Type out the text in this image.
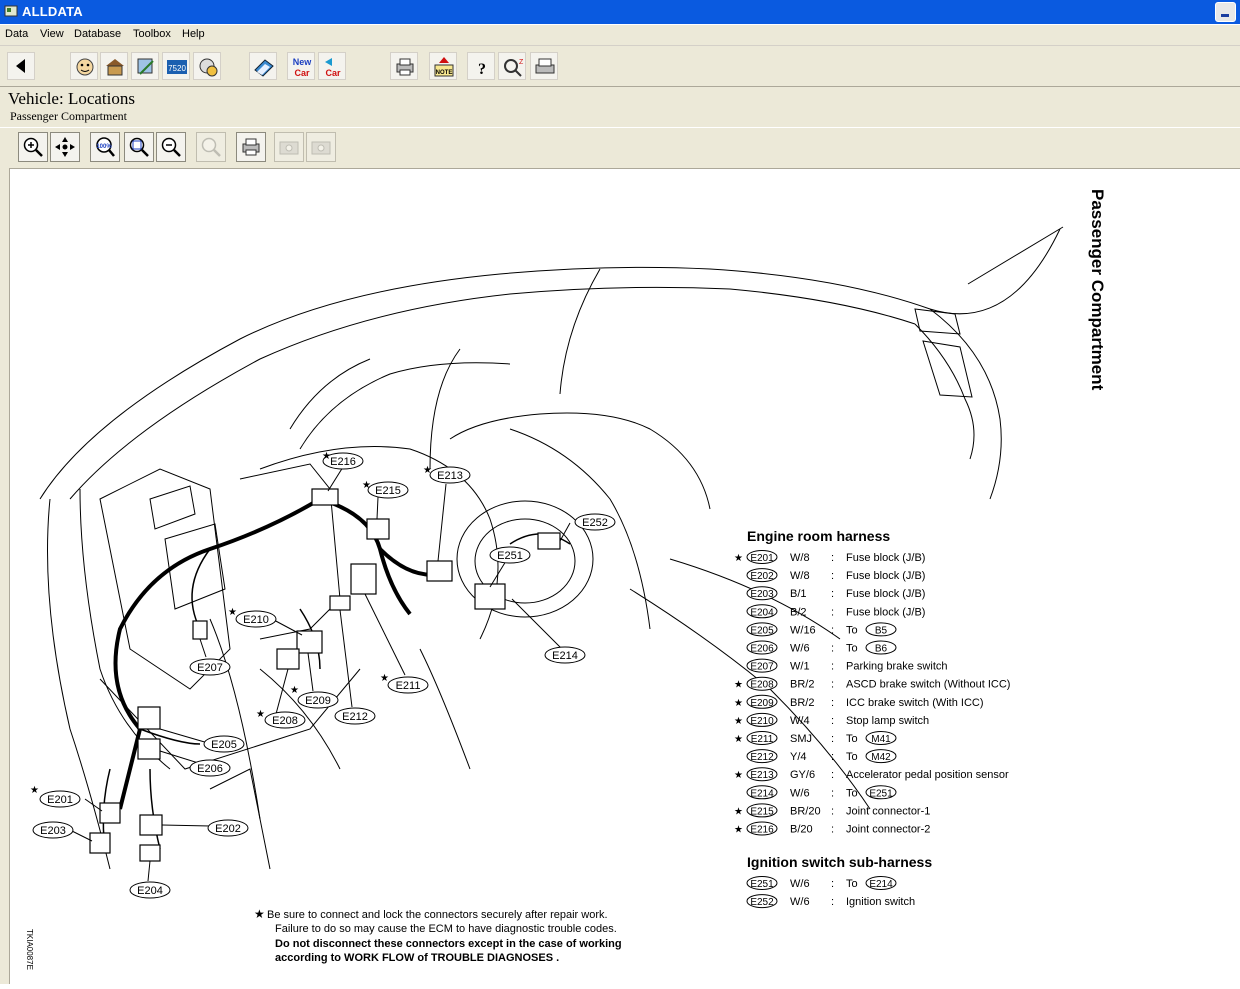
ALLDATA
Data View Database Toolbox Help
7520
New
Car Car	NOTE ?	Z
Vehicle: Locations
Passenger Compartment
100%
E216
★
E215
★
E213
★
E252
E251
E210
★
E214
E207
E211
★
E209
★
E212
E208
★
E205
E206
E201
★
E202
E203
E204
Passenger Compartment
Engine room harness
★ E201 W/8 : Fuse block (J/B)
E202 W/8 : Fuse block (J/B)
E203 B/1 : Fuse block (J/B)
E204 B/2 : Fuse block (J/B)
E205 W/16 : To B5
E206 W/6 : To B6
E207 W/1 : Parking brake switch
★ E208 BR/2 : ASCD brake switch (Without ICC)
★ E209 BR/2 : ICC brake switch (With ICC)
★ E210 W/4 : Stop lamp switch
★ E211 SMJ : To M41
E212 Y/4 : To M42
★ E213 GY/6 : Accelerator pedal position sensor
E214 W/6 : To E251
★ E215 BR/20 : Joint connector-1
★ E216 B/20 : Joint connector-2
Ignition switch sub-harness
E251 W/6 : To E214
E252 W/6 : Ignition switch
★ Be sure to connect and lock the connectors securely after repair work.
Failure to do so may cause the ECM to have diagnostic trouble codes.
Do not disconnect these connectors except in the case of working
according to WORK FLOW of TROUBLE DIAGNOSES .
TKIA0087E
